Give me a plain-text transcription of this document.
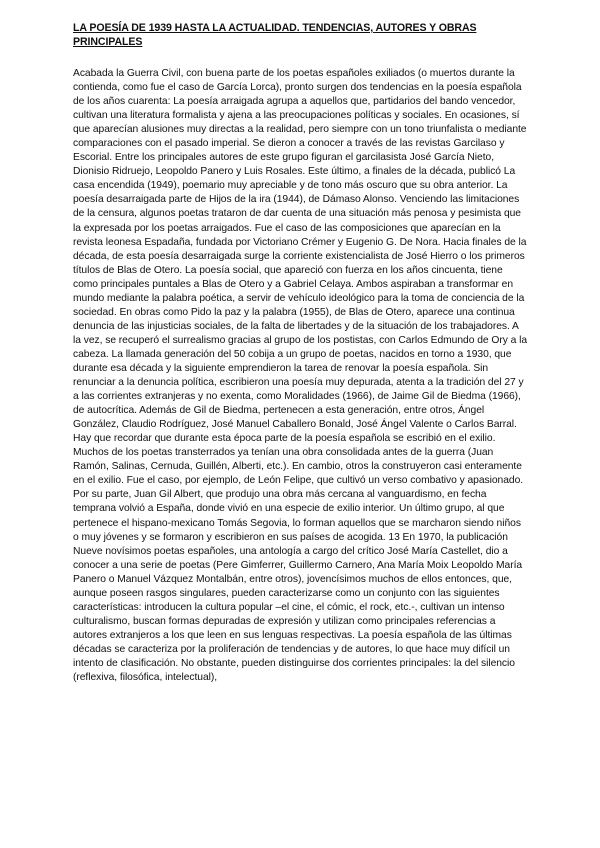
LA POESÍA DE 1939 HASTA LA ACTUALIDAD. TENDENCIAS, AUTORES Y OBRAS PRINCIPALES

Acabada la Guerra Civil, con buena parte de los poetas españoles exiliados (o muertos durante la contienda, como fue el caso de García Lorca), pronto surgen dos tendencias en la poesía española de los años cuarenta: La poesía arraigada agrupa a aquellos que, partidarios del bando vencedor, cultivan una literatura formalista y ajena a las preocupaciones políticas y sociales. En ocasiones, sí que aparecían alusiones muy directas a la realidad, pero siempre con un tono triunfalista o mediante comparaciones con el pasado imperial. Se dieron a conocer a través de las revistas Garcilaso y Escorial. Entre los principales autores de este grupo figuran el garcilasista José García Nieto, Dionisio Ridruejo, Leopoldo Panero y Luis Rosales. Este último, a finales de la década, publicó La casa encendida (1949), poemario muy apreciable y de tono más oscuro que su obra anterior. La poesía desarraigada parte de Hijos de la ira (1944), de Dámaso Alonso. Venciendo las limitaciones de la censura, algunos poetas trataron de dar cuenta de una situación más penosa y pesimista que la expresada por los poetas arraigados. Fue el caso de las composiciones que aparecían en la revista leonesa Espadaña, fundada por Victoriano Crémer y Eugenio G. De Nora. Hacia finales de la década, de esta poesía desarraigada surge la corriente existencialista de José Hierro o los primeros títulos de Blas de Otero. La poesía social, que apareció con fuerza en los años cincuenta, tiene como principales puntales a Blas de Otero y a Gabriel Celaya. Ambos aspiraban a transformar en mundo mediante la palabra poética, a servir de vehículo ideológico para la toma de conciencia de la sociedad. En obras como Pido la paz y la palabra (1955), de Blas de Otero, aparece una continua denuncia de las injusticias sociales, de la falta de libertades y de la situación de los trabajadores. A la vez, se recuperó el surrealismo gracias al grupo de los postistas, con Carlos Edmundo de Ory a la cabeza. La llamada generación del 50 cobija a un grupo de poetas, nacidos en torno a 1930, que durante esa década y la siguiente emprendieron la tarea de renovar la poesía española. Sin renunciar a la denuncia política, escribieron una poesía muy depurada, atenta a la tradición del 27 y a las corrientes extranjeras y no exenta, como Moralidades (1966), de Jaime Gil de Biedma (1966), de autocrítica. Además de Gil de Biedma, pertenecen a esta generación, entre otros, Ángel González, Claudio Rodríguez, José Manuel Caballero Bonald, José Ángel Valente o Carlos Barral. Hay que recordar que durante esta época parte de la poesía española se escribió en el exilio. Muchos de los poetas transterrados ya tenían una obra consolidada antes de la guerra (Juan Ramón, Salinas, Cernuda, Guillén, Alberti, etc.). En cambio, otros la construyeron casi enteramente en el exilio. Fue el caso, por ejemplo, de León Felipe, que cultivó un verso combativo y apasionado. Por su parte, Juan Gil Albert, que produjo una obra más cercana al vanguardismo, en fecha temprana volvió a España, donde vivió en una especie de exilio interior. Un último grupo, al que pertenece el hispano-mexicano Tomás Segovia, lo forman aquellos que se marcharon siendo niños o muy jóvenes y se formaron y escribieron en sus países de acogida. 13 En 1970, la publicación Nueve novísimos poetas españoles, una antología a cargo del crítico José María Castellet, dio a conocer a una serie de poetas (Pere Gimferrer, Guillermo Carnero, Ana María Moix Leopoldo María Panero o Manuel Vázquez Montalbán, entre otros), jovencísimos muchos de ellos entonces, que, aunque poseen rasgos singulares, pueden caracterizarse como un conjunto con las siguientes características: introducen la cultura popular –el cine, el cómic, el rock, etc.-, cultivan un intenso culturalismo, buscan formas depuradas de expresión y utilizan como principales referencias a autores extranjeros a los que leen en sus lenguas respectivas. La poesía española de las últimas décadas se caracteriza por la proliferación de tendencias y de autores, lo que hace muy difícil un intento de clasificación. No obstante, pueden distinguirse dos corrientes principales: la del silencio (reflexiva, filosófica, intelectual),
